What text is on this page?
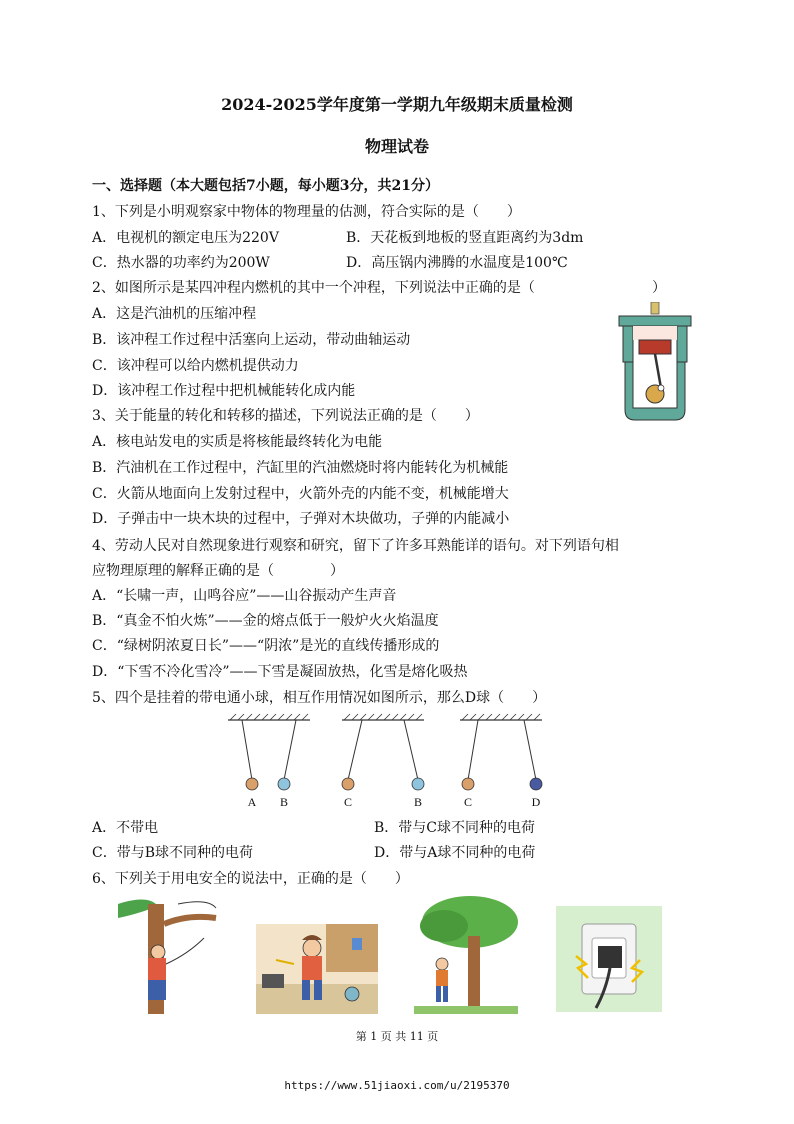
2024-2025学年度第一学期九年级期末质量检测
物理试卷
一、选择题（本大题包括7小题，每小题3分，共21分）
1、下列是小明观察家中物体的物理量的估测，符合实际的是（　　）
A．电视机的额定电压为220V	B．天花板到地板的竖直距离约为3dm
C．热水器的功率约为200W	D．高压锅内沸腾的水温度是100℃
2、如图所示是某四冲程内燃机的其中一个冲程，下列说法中正确的是（	）
A．这是汽油机的压缩冲程
B．该冲程工作过程中活塞向上运动，带动曲轴运动
C．该冲程可以给内燃机提供动力
D．该冲程工作过程中把机械能转化成内能
3、关于能量的转化和转移的描述，下列说法正确的是（　　）
A．核电站发电的实质是将核能最终转化为电能
B．汽油机在工作过程中，汽缸里的汽油燃烧时将内能转化为机械能
C．火箭从地面向上发射过程中，火箭外壳的内能不变，机械能增大
D．子弹击中一块木块的过程中，子弹对木块做功，子弹的内能减小
4、劳动人民对自然现象进行观察和研究，留下了许多耳熟能详的语句。对下列语句相
应物理原理的解释正确的是（　　　　）
A．“长啸一声，山鸣谷应”——山谷振动产生声音
B．“真金不怕火炼”——金的熔点低于一般炉火火焰温度
C．“绿树阴浓夏日长”——“阴浓”是光的直线传播形成的
D．“下雪不冷化雪冷”——下雪是凝固放热，化雪是熔化吸热
5、四个是挂着的带电通小球，相互作用情况如图所示，那么D球（　　）
A B	C	B	C	D
A．不带电	B．带与C球不同种的电荷
C．带与B球不同种的电荷	D．带与A球不同种的电荷
6、下列关于用电安全的说法中，正确的是（　　）
第 1 页 共 11 页
https://www.51jiaoxi.com/u/2195370
